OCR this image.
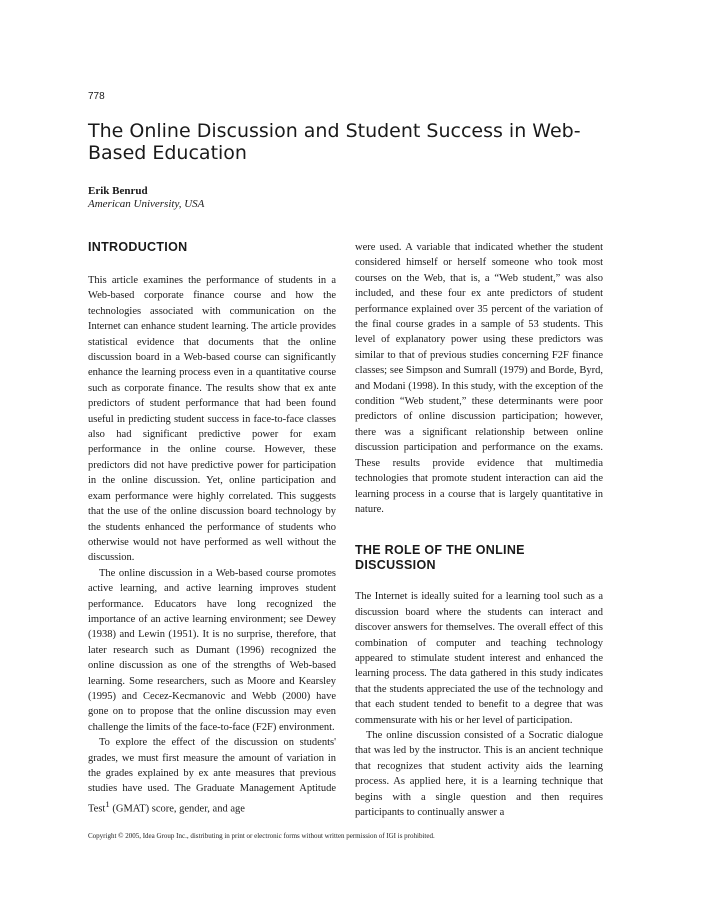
778
The Online Discussion and Student Success in Web-Based Education
Erik Benrud
American University, USA
INTRODUCTION

This article examines the performance of students in a Web-based corporate finance course and how the technologies associated with communication on the Internet can enhance student learning. The article provides statistical evidence that documents that the online discussion board in a Web-based course can significantly enhance the learning process even in a quantitative course such as corporate finance. The results show that ex ante predictors of student performance that had been found useful in predicting student success in face-to-face classes also had significant predictive power for exam performance in the online course. However, these predictors did not have predictive power for participation in the online discussion. Yet, online participation and exam performance were highly correlated. This suggests that the use of the online discussion board technology by the students enhanced the performance of students who otherwise would not have performed as well without the discussion.

The online discussion in a Web-based course promotes active learning, and active learning improves student performance. Educators have long recognized the importance of an active learning environment; see Dewey (1938) and Lewin (1951). It is no surprise, therefore, that later research such as Dumant (1996) recognized the online discussion as one of the strengths of Web-based learning. Some researchers, such as Moore and Kearsley (1995) and Cecez-Kecmanovic and Webb (2000) have gone on to propose that the online discussion may even challenge the limits of the face-to-face (F2F) environment.

To explore the effect of the discussion on students' grades, we must first measure the amount of variation in the grades explained by ex ante measures that previous studies have used. The Graduate Management Aptitude Test$^1$ (GMAT) score, gender, and age

were used. A variable that indicated whether the student considered himself or herself someone who took most courses on the Web, that is, a “Web student,” was also included, and these four ex ante predictors of student performance explained over 35 percent of the variation of the final course grades in a sample of 53 students. This level of explanatory power using these predictors was similar to that of previous studies concerning F2F finance classes; see Simpson and Sumrall (1979) and Borde, Byrd, and Modani (1998). In this study, with the exception of the condition “Web student,” these determinants were poor predictors of online discussion participation; however, there was a significant relationship between online discussion participation and performance on the exams. These results provide evidence that multimedia technologies that promote student interaction can aid the learning process in a course that is largely quantitative in nature.

THE ROLE OF THE ONLINE DISCUSSION

The Internet is ideally suited for a learning tool such as a discussion board where the students can interact and discover answers for themselves. The overall effect of this combination of computer and teaching technology appeared to stimulate student interest and enhanced the learning process. The data gathered in this study indicates that the students appreciated the use of the technology and that each student tended to benefit to a degree that was commensurate with his or her level of participation.

The online discussion consisted of a Socratic dialogue that was led by the instructor. This is an ancient technique that recognizes that student activity aids the learning process. As applied here, it is a learning technique that begins with a single question and then requires participants to continually answer a

Copyright © 2005, Idea Group Inc., distributing in print or electronic forms without written permission of IGI is prohibited.
